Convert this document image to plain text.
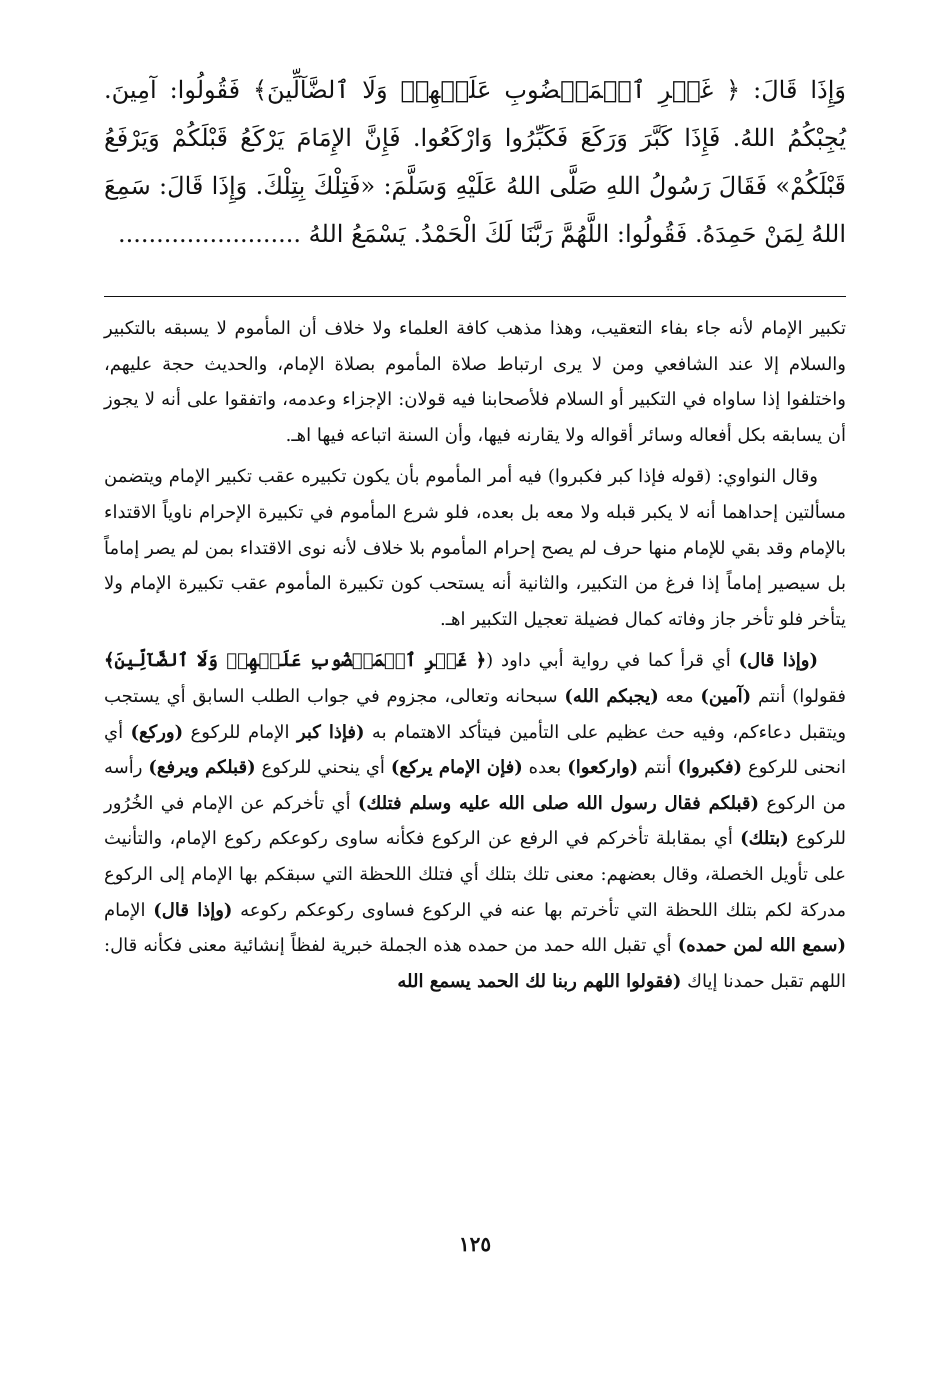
وَإِذَا قَالَ: ﴿ غَيۡرِ ٱلۡمَغۡضُوبِ عَلَيۡهِمۡ وَلَا ٱلضَّآلِّينَ﴾ فَقُولُوا: آمِينَ. يُجِبْكُمُ اللهُ. فَإِذَا كَبَّرَ وَرَكَعَ فَكَبِّرُوا وَارْكَعُوا. فَإِنَّ الإِمَامَ يَرْكَعُ قَبْلَكُمْ وَيَرْفَعُ قَبْلَكُمْ» فَقَالَ رَسُولُ اللهِ صَلَّى اللهُ عَلَيْهِ وَسَلَّمَ: «فَتِلْكَ بِتِلْكَ. وَإِذَا قَالَ: سَمِعَ اللهُ لِمَنْ حَمِدَهُ. فَقُولُوا: اللَّهُمَّ رَبَّنَا لَكَ الْحَمْدُ. يَسْمَعُ اللهُ ........................

تكبير الإمام لأنه جاء بفاء التعقيب، وهذا مذهب كافة العلماء ولا خلاف أن المأموم لا يسبقه بالتكبير والسلام إلا عند الشافعي ومن لا يرى ارتباط صلاة المأموم بصلاة الإمام، والحديث حجة عليهم، واختلفوا إذا ساواه في التكبير أو السلام فلأصحابنا فيه قولان: الإجزاء وعدمه، واتفقوا على أنه لا يجوز أن يسابقه بكل أفعاله وسائر أقواله ولا يقارنه فيها، وأن السنة اتباعه فيها اهـ.

وقال النواوي: (قوله فإذا كبر فكبروا) فيه أمر المأموم بأن يكون تكبيره عقب تكبير الإمام ويتضمن مسألتين إحداهما أنه لا يكبر قبله ولا معه بل بعده، فلو شرع المأموم في تكبيرة الإحرام ناوياً الاقتداء بالإمام وقد بقي للإمام منها حرف لم يصح إحرام المأموم بلا خلاف لأنه نوى الاقتداء بمن لم يصر إماماً بل سيصير إماماً إذا فرغ من التكبير، والثانية أنه يستحب كون تكبيرة المأموم عقب تكبيرة الإمام ولا يتأخر فلو تأخر جاز وفاته كمال فضيلة تعجيل التكبير اهـ.

(وإذا قال) أي قرأ كما في رواية أبي داود (﴿ غَيۡرِ ٱلۡمَغۡضُوبِ عَلَيۡهِمۡ وَلَا ٱلضَّآلِّينَ﴾ فقولوا) أنتم (آمين) معه (يجبكم الله) سبحانه وتعالى، مجزوم في جواب الطلب السابق أي يستجب ويتقبل دعاءكم، وفيه حث عظيم على التأمين فيتأكد الاهتمام به (فإذا كبر الإمام للركوع (وركع) أي انحنى للركوع (فكبروا) أنتم (واركعوا) بعده (فإن الإمام يركع) أي ينحني للركوع (قبلكم ويرفع) رأسه من الركوع (قبلكم فقال رسول الله صلى الله عليه وسلم فتلك) أي تأخركم عن الإمام في الخُرُور للركوع (بتلك) أي بمقابلة تأخركم في الرفع عن الركوع فكأنه ساوى ركوعكم ركوع الإمام، والتأنيث على تأويل الخصلة، وقال بعضهم: معنى تلك بتلك أي فتلك اللحظة التي سبقكم بها الإمام إلى الركوع مدركة لكم بتلك اللحظة التي تأخرتم بها عنه في الركوع فساوى ركوعكم ركوعه (وإذا قال) الإمام (سمع الله لمن حمده) أي تقبل الله حمد من حمده هذه الجملة خبرية لفظاً إنشائية معنى فكأنه قال: اللهم تقبل حمدنا إياك (فقولوا اللهم ربنا لك الحمد يسمع الله

١٢٥
